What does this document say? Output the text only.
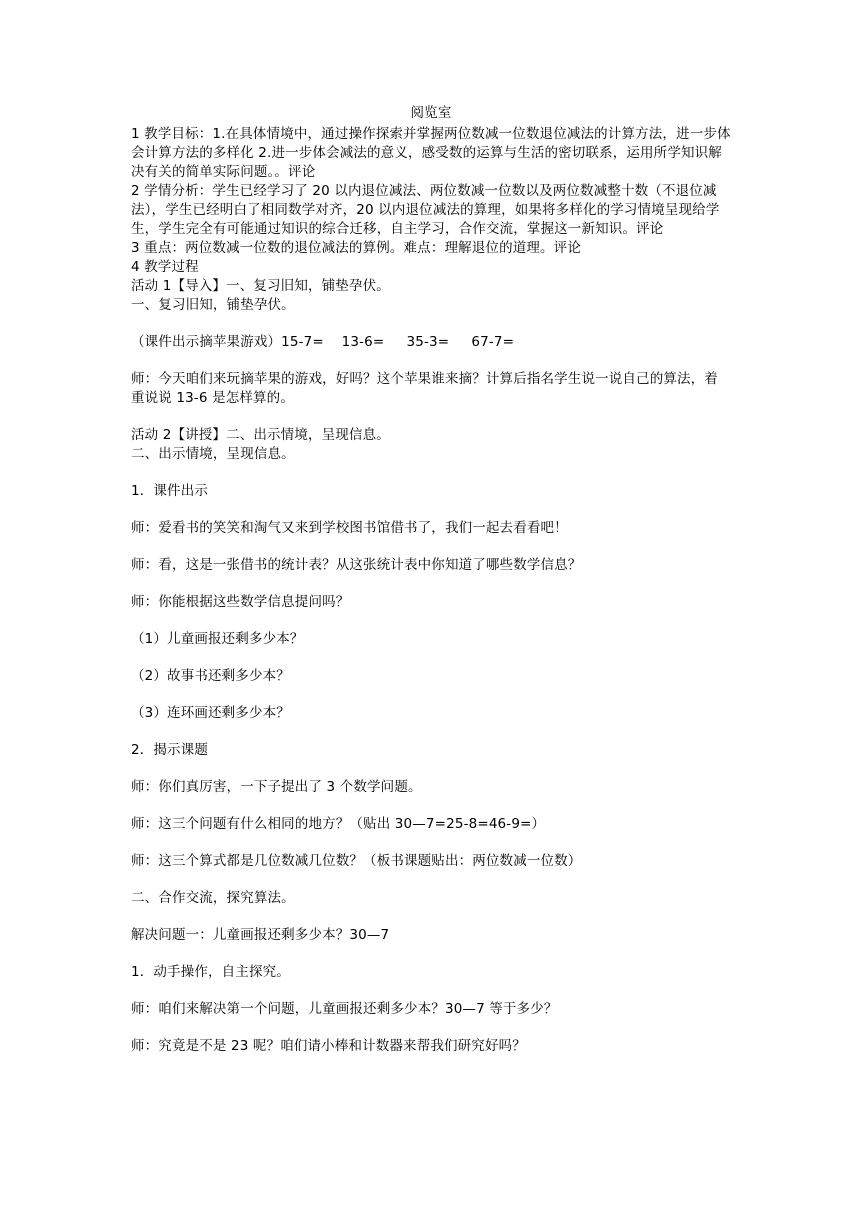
阅览室

1 教学目标：1.在具体情境中，通过操作探索并掌握两位数减一位数退位减法的计算方法，进一步体会计算方法的多样化 2.进一步体会减法的意义，感受数的运算与生活的密切联系，运用所学知识解决有关的简单实际问题。。评论

2 学情分析：学生已经学习了 20 以内退位减法、两位数减一位数以及两位数减整十数（不退位减法），学生已经明白了相同数学对齐，20 以内退位减法的算理，如果将多样化的学习情境呈现给学生，学生完全有可能通过知识的综合迁移，自主学习，合作交流，掌握这一新知识。评论

3 重点：两位数减一位数的退位减法的算例。难点：理解退位的道理。评论

4 教学过程

活动 1【导入】一、复习旧知，铺垫孕伏。

一、复习旧知，铺垫孕伏。

（课件出示摘苹果游戏）15-7=    13-6=     35-3=     67-7=

师：今天咱们来玩摘苹果的游戏，好吗？这个苹果谁来摘？计算后指名学生说一说自己的算法，着重说说 13-6 是怎样算的。

活动 2【讲授】二、出示情境，呈现信息。

二、出示情境，呈现信息。

1．课件出示

师：爱看书的笑笑和淘气又来到学校图书馆借书了，我们一起去看看吧！

师：看，这是一张借书的统计表？从这张统计表中你知道了哪些数学信息？

师：你能根据这些数学信息提问吗？

（1）儿童画报还剩多少本？

（2）故事书还剩多少本？

（3）连环画还剩多少本？

2．揭示课题

师：你们真厉害，一下子提出了 3 个数学问题。

师：这三个问题有什么相同的地方？（贴出 30—7=25-8=46-9=）

师：这三个算式都是几位数减几位数？（板书课题贴出：两位数减一位数）

二、合作交流，探究算法。

解决问题一：儿童画报还剩多少本？30—7

1．动手操作，自主探究。

师：咱们来解决第一个问题，儿童画报还剩多少本？30—7 等于多少？

师：究竟是不是 23 呢？咱们请小棒和计数器来帮我们研究好吗？
